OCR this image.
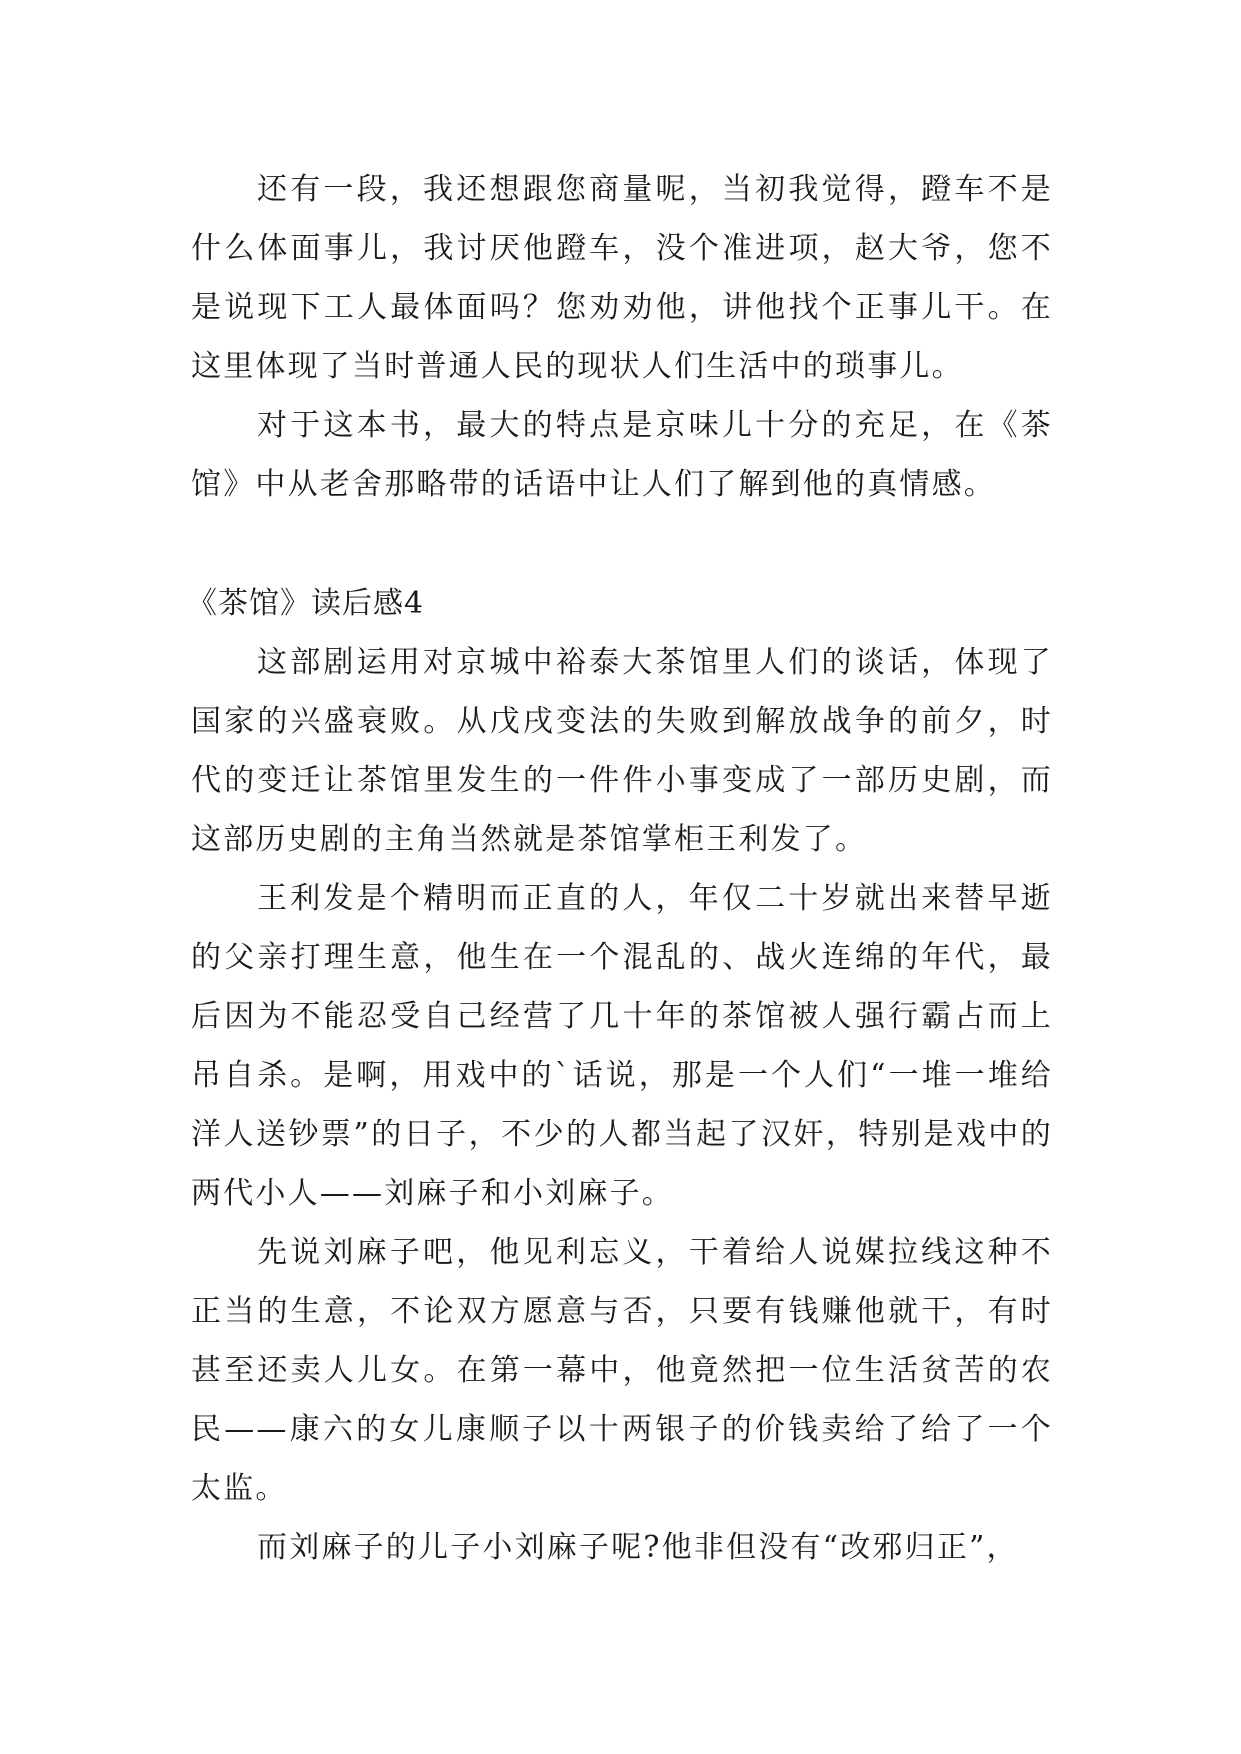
还有一段，我还想跟您商量呢，当初我觉得，蹬车不是什么体面事儿，我讨厌他蹬车，没个准进项，赵大爷，您不是说现下工人最体面吗？您劝劝他，讲他找个正事儿干。在这里体现了当时普通人民的现状人们生活中的琐事儿。

对于这本书，最大的特点是京味儿十分的充足，在《茶馆》中从老舍那略带的话语中让人们了解到他的真情感。

《茶馆》读后感4

这部剧运用对京城中裕泰大茶馆里人们的谈话，体现了国家的兴盛衰败。从戊戌变法的失败到解放战争的前夕，时代的变迁让茶馆里发生的一件件小事变成了一部历史剧，而这部历史剧的主角当然就是茶馆掌柜王利发了。

王利发是个精明而正直的人，年仅二十岁就出来替早逝的父亲打理生意，他生在一个混乱的、战火连绵的年代，最后因为不能忍受自己经营了几十年的茶馆被人强行霸占而上吊自杀。是啊，用戏中的`话说，那是一个人们“一堆一堆给洋人送钞票”的日子，不少的人都当起了汉奸，特别是戏中的两代小人——刘麻子和小刘麻子。

先说刘麻子吧，他见利忘义，干着给人说媒拉线这种不正当的生意，不论双方愿意与否，只要有钱赚他就干，有时甚至还卖人儿女。在第一幕中，他竟然把一位生活贫苦的农民——康六的女儿康顺子以十两银子的价钱卖给了给了一个太监。

而刘麻子的儿子小刘麻子呢?他非但没有“改邪归正”，
